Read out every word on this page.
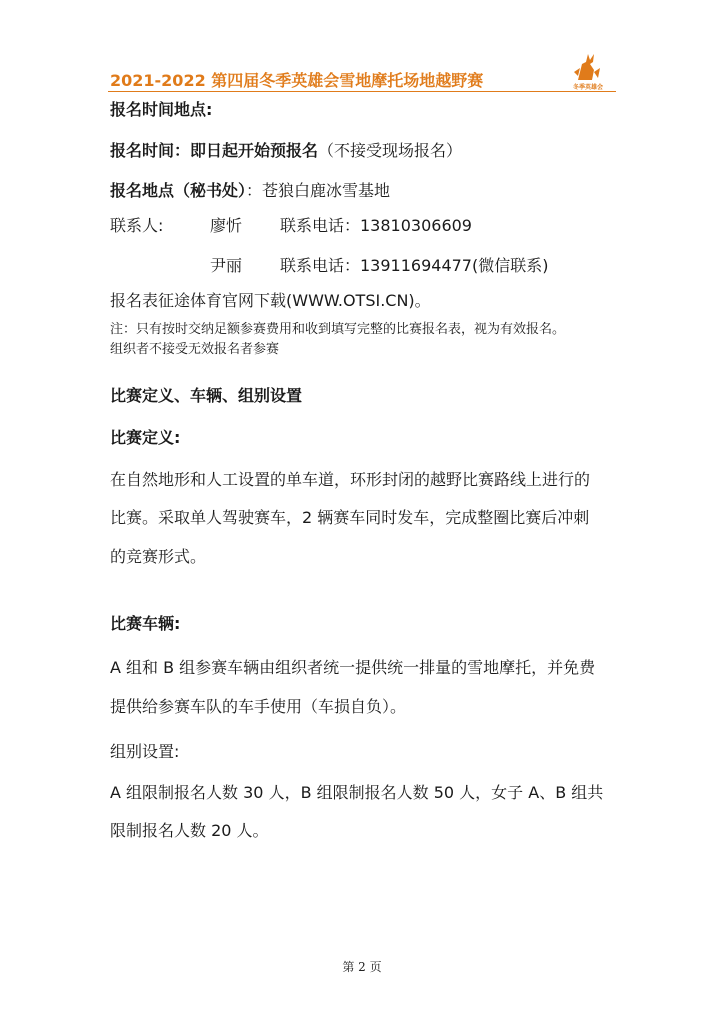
2021-2022 第四届冬季英雄会雪地摩托场地越野赛	冬季英雄会
报名时间地点:
报名时间：即日起开始预报名（不接受现场报名）
报名地点（秘书处）：苍狼白鹿冰雪基地
联系人:	廖忻 联系电话：13810306609
尹丽 联系电话：13911694477(微信联系)
报名表征途体育官网下载(WWW.OTSI.CN)。
注：只有按时交纳足额参赛费用和收到填写完整的比赛报名表，视为有效报名。
组织者不接受无效报名者参赛
比赛定义、车辆、组别设置
比赛定义:
在自然地形和人工设置的单车道，环形封闭的越野比赛路线上进行的
比赛。采取单人驾驶赛车，2 辆赛车同时发车，完成整圈比赛后冲刺
的竞赛形式。
比赛车辆:
A 组和 B 组参赛车辆由组织者统一提供统一排量的雪地摩托，并免费
提供给参赛车队的车手使用（车损自负）。
组别设置:
A 组限制报名人数 30 人，B 组限制报名人数 50 人，女子 A、B 组共
限制报名人数 20 人。
第 2 页
